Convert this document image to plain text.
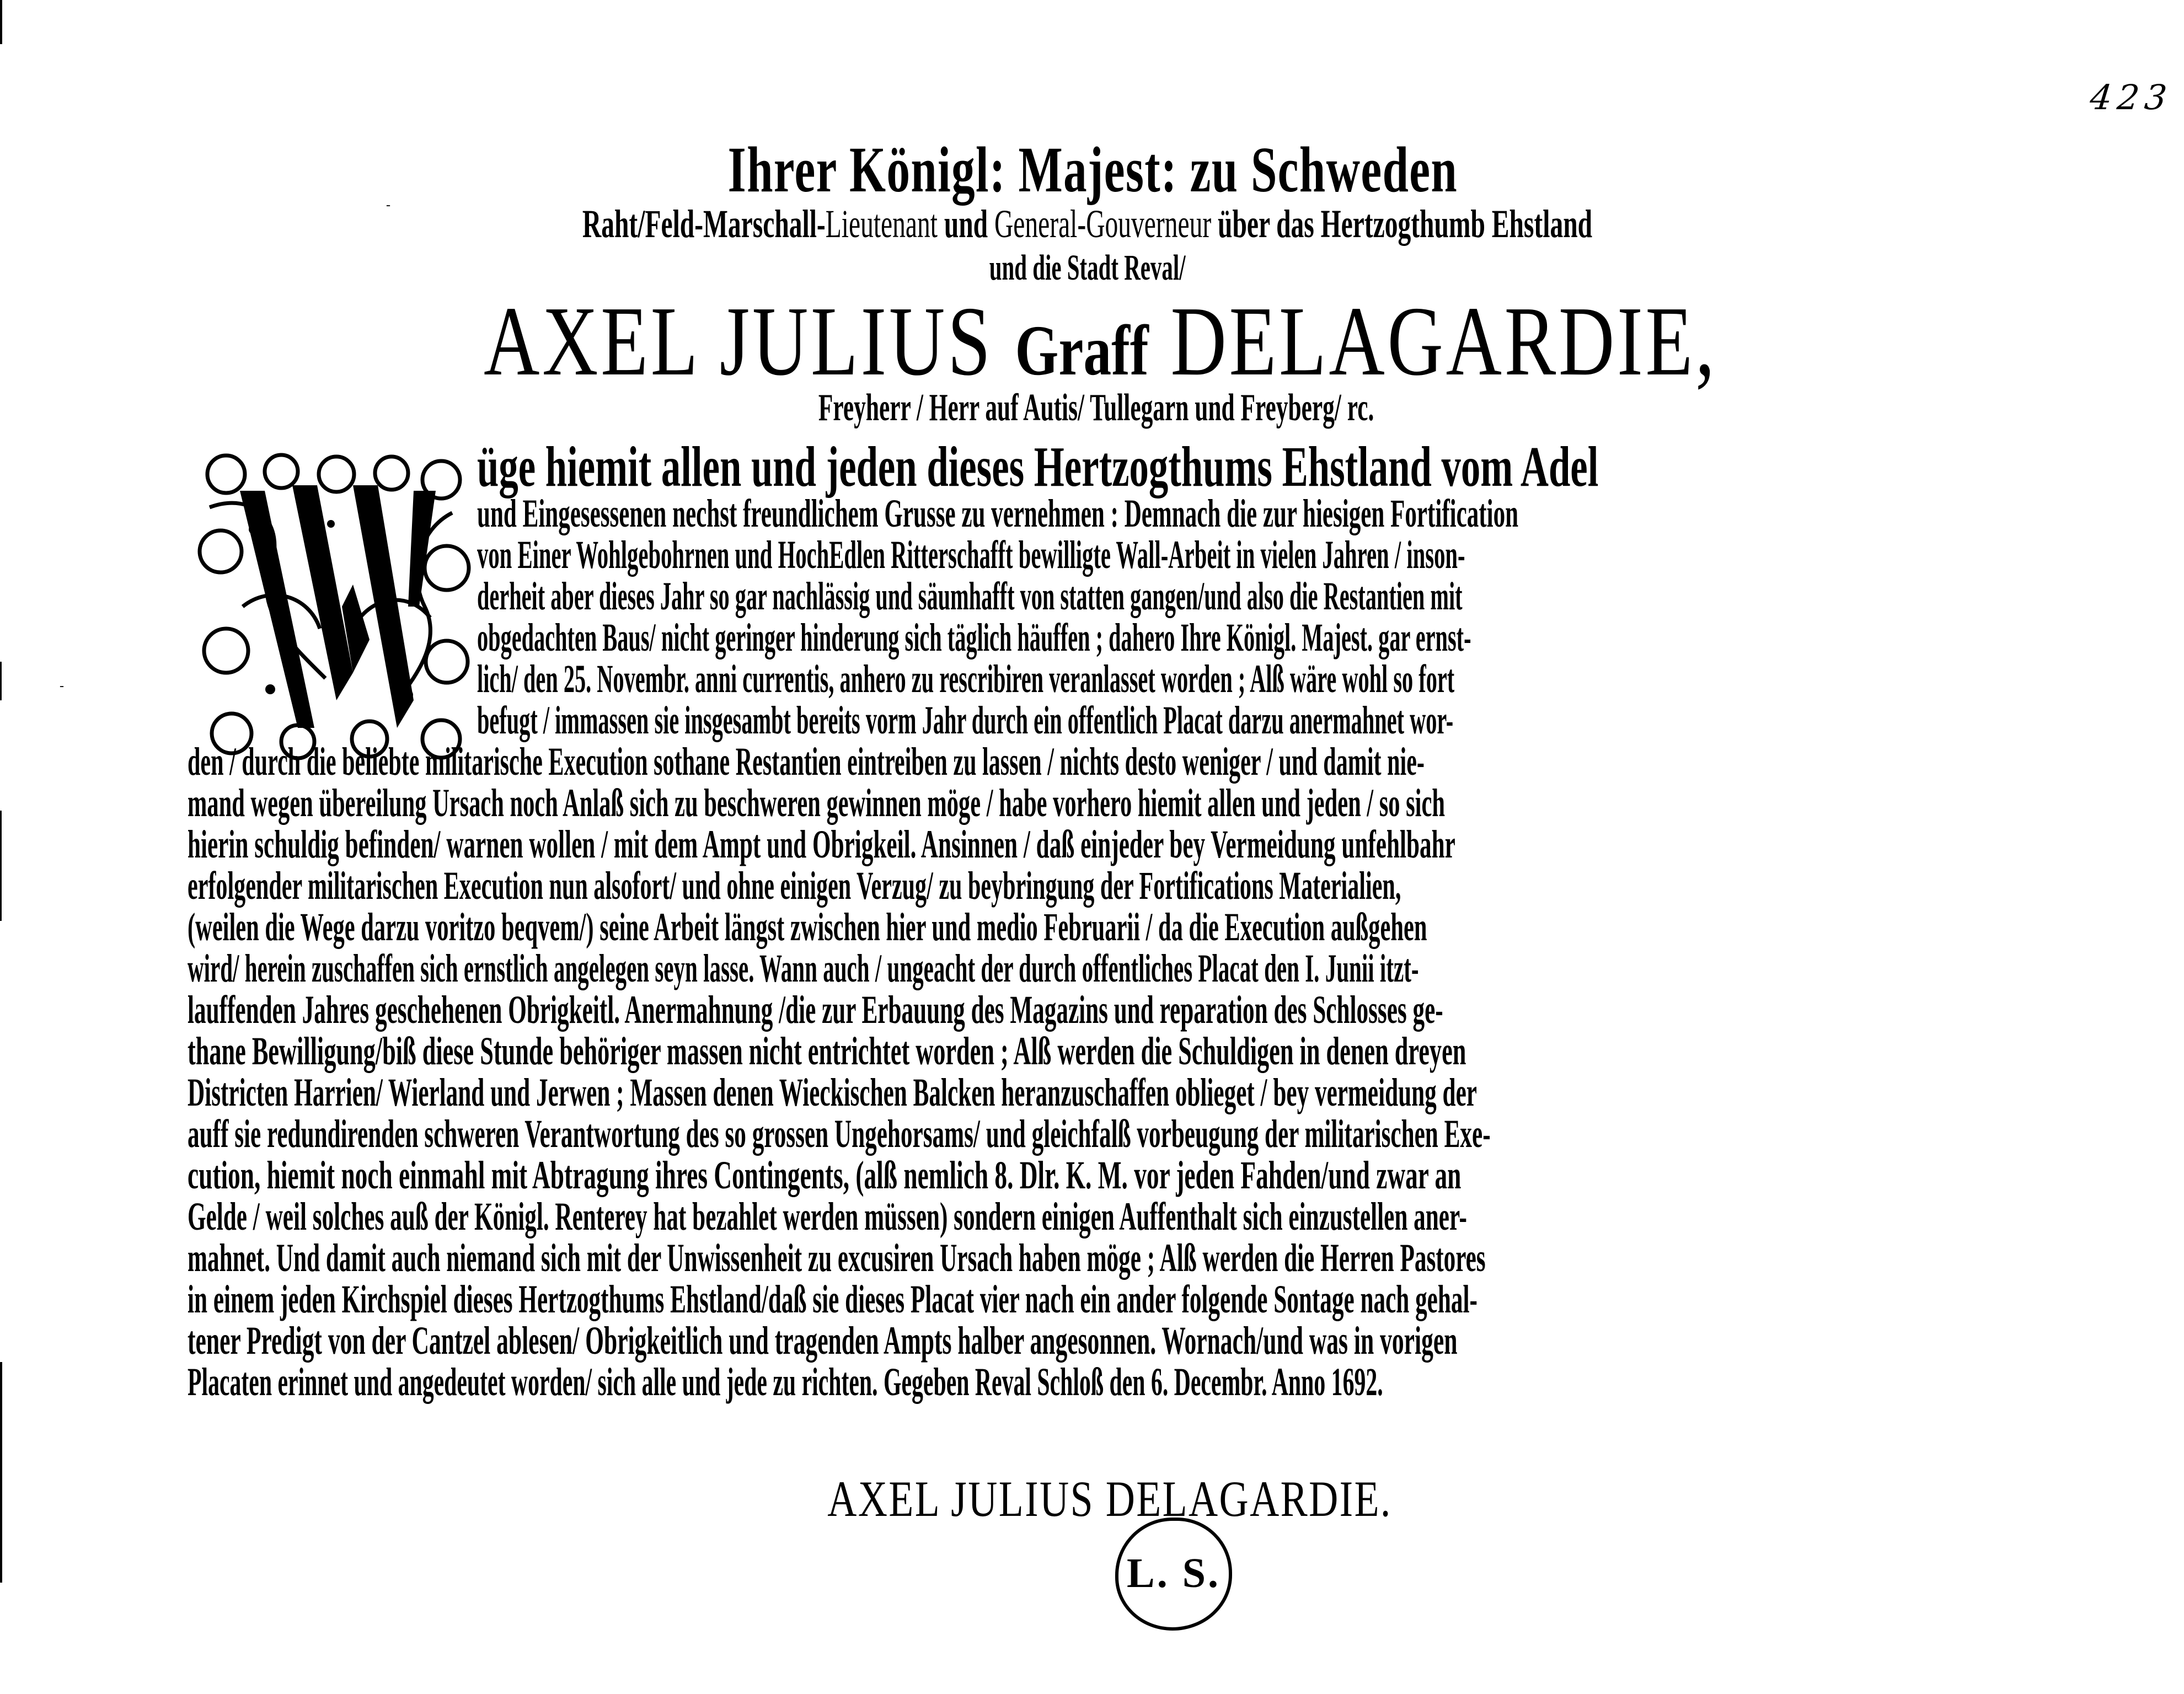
-
-
423
Ihrer Königl: Majest: zu Schweden
Raht/Feld-Marschall-Lieutenant und General-Gouverneur über das Hertzogthumb Ehstland
und die Stadt Reval/
AXEL JULIUS Graff DELAGARDIE,
Freyherr / Herr auf Autis/ Tullegarn und Freyberg/ rc.
üge hiemit allen und jeden dieses Hertzogthums Ehstland vom Adel
und Eingesessenen nechst freundlichem Grusse zu vernehmen : Demnach die zur hiesigen Fortification
von Einer Wohlgebohrnen und HochEdlen Ritterschafft bewilligte Wall-Arbeit in vielen Jahren / inson-
derheit aber dieses Jahr so gar nachlässig und säumhafft von statten gangen/und also die Restantien mit
obgedachten Baus/ nicht geringer hinderung sich täglich häuffen ; dahero Ihre Königl. Majest. gar ernst-
lich/ den 25. Novembr. anni currentis, anhero zu rescribiren veranlasset worden ; Alß wäre wohl so fort
befugt / immassen sie insgesambt bereits vorm Jahr durch ein offentlich Placat darzu anermahnet wor-
den / durch die beliebte militarische Execution sothane Restantien eintreiben zu lassen / nichts desto weniger / und damit nie-
mand wegen übereilung Ursach noch Anlaß sich zu beschweren gewinnen möge / habe vorhero hiemit allen und jeden / so sich
hierin schuldig befinden/ warnen wollen / mit dem Ampt und Obrigkeil. Ansinnen / daß einjeder bey Vermeidung unfehlbahr
erfolgender militarischen Execution nun alsofort/ und ohne einigen Verzug/ zu beybringung der Fortifications Materialien,
(weilen die Wege darzu voritzo beqvem/) seine Arbeit längst zwischen hier und medio Februarii / da die Execution außgehen
wird/ herein zuschaffen sich ernstlich angelegen seyn lasse. Wann auch / ungeacht der durch offentliches Placat den I. Junii itzt-
lauffenden Jahres geschehenen Obrigkeitl. Anermahnung /die zur Erbauung des Magazins und reparation des Schlosses ge-
thane Bewilligung/biß diese Stunde behöriger massen nicht entrichtet worden ; Alß werden die Schuldigen in denen dreyen
Districten Harrien/ Wierland und Jerwen ; Massen denen Wieckischen Balcken heranzuschaffen oblieget / bey vermeidung der
auff sie redundirenden schweren Verantwortung des so grossen Ungehorsams/ und gleichfalß vorbeugung der militarischen Exe-
cution, hiemit noch einmahl mit Abtragung ihres Contingents, (alß nemlich 8. Dlr. K. M. vor jeden Fahden/und zwar an
Gelde / weil solches auß der Königl. Renterey hat bezahlet werden müssen) sondern einigen Auffenthalt sich einzustellen aner-
mahnet. Und damit auch niemand sich mit der Unwissenheit zu excusiren Ursach haben möge ; Alß werden die Herren Pastores
in einem jeden Kirchspiel dieses Hertzogthums Ehstland/daß sie dieses Placat vier nach ein ander folgende Sontage nach gehal-
tener Predigt von der Cantzel ablesen/ Obrigkeitlich und tragenden Ampts halber angesonnen. Wornach/und was in vorigen
Placaten erinnet und angedeutet worden/ sich alle und jede zu richten. Gegeben Reval Schloß den 6. Decembr. Anno 1692.
AXEL JULIUS DELAGARDIE.
L. S.
